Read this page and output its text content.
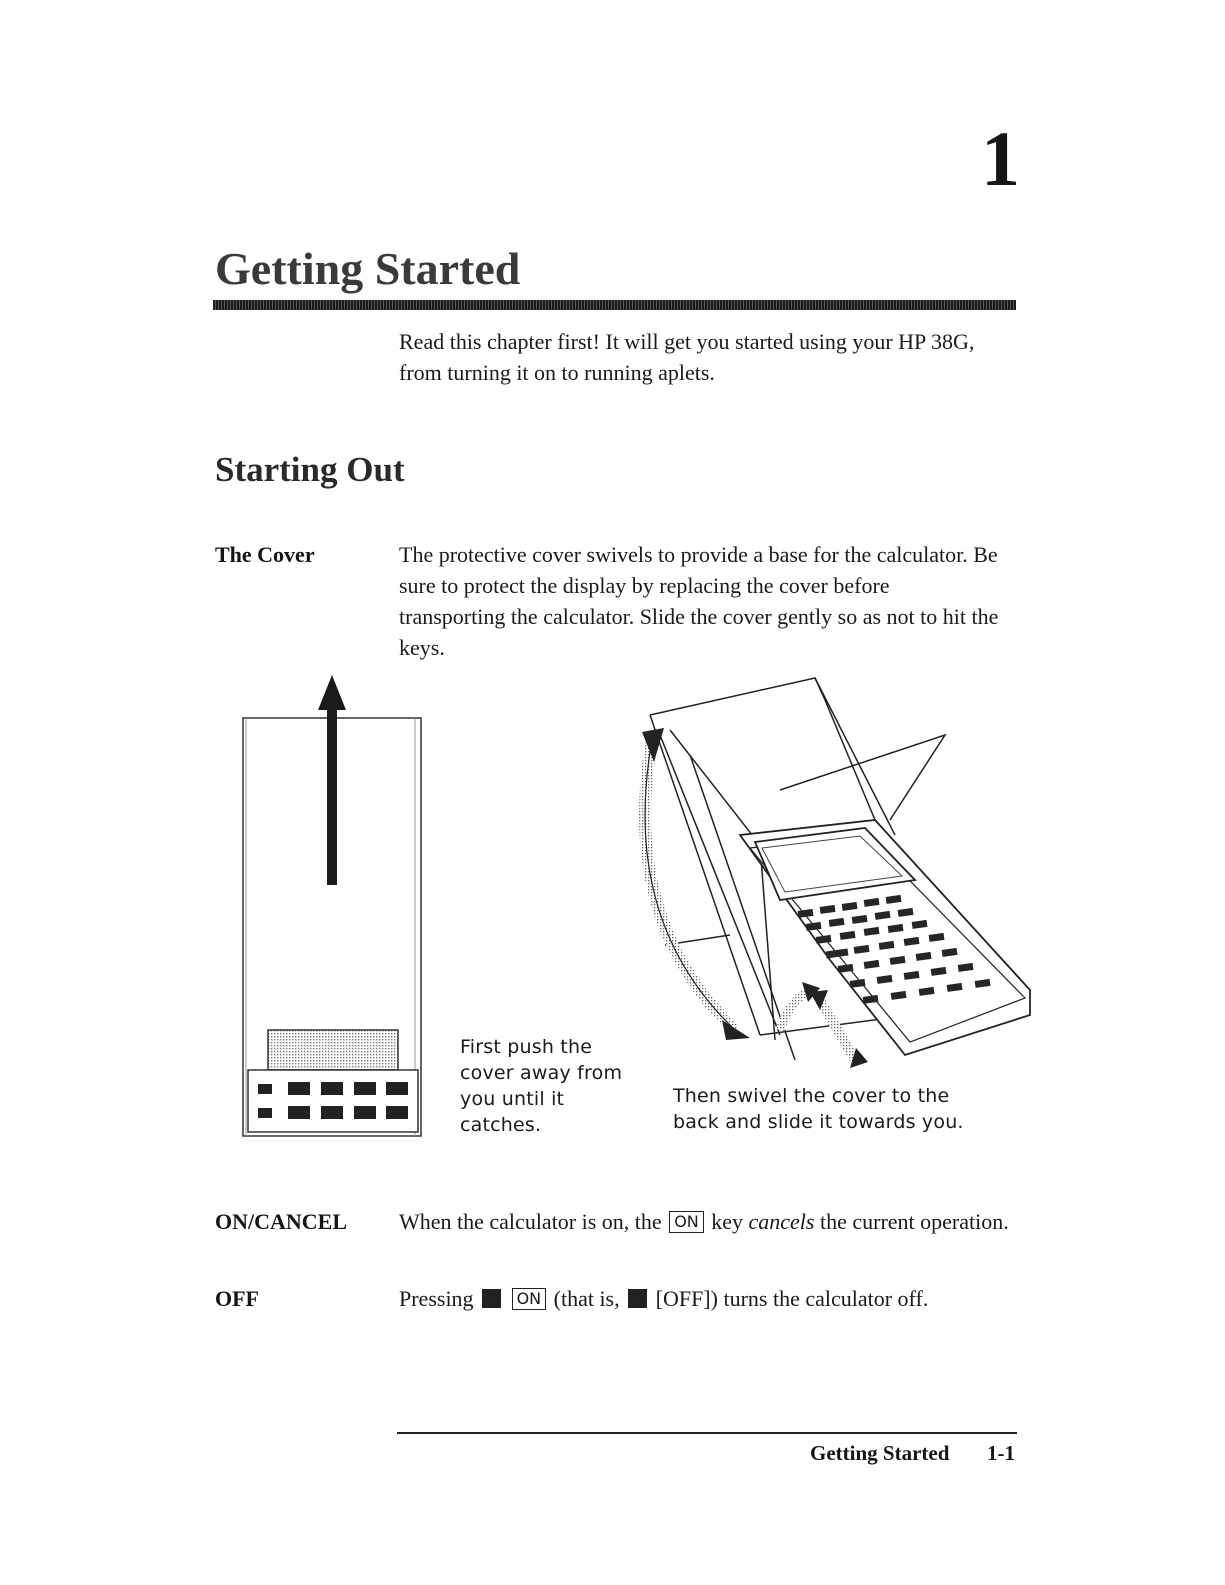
1
Getting Started
Read this chapter first! It will get you started using your HP 38G, from turning it on to running aplets.
Starting Out
The Cover	The protective cover swivels to provide a base for the calculator. Be sure to protect the display by replacing the cover before transporting the calculator. Slide the cover gently so as not to hit the keys.
First push the cover away from you until it catches.
Then swivel the cover to the back and slide it towards you.
ON/CANCEL When the calculator is on, the ON key cancels the current operation.
OFF	Pressing	ON (that is, [OFF]) turns the calculator off.
Getting Started 1-1
